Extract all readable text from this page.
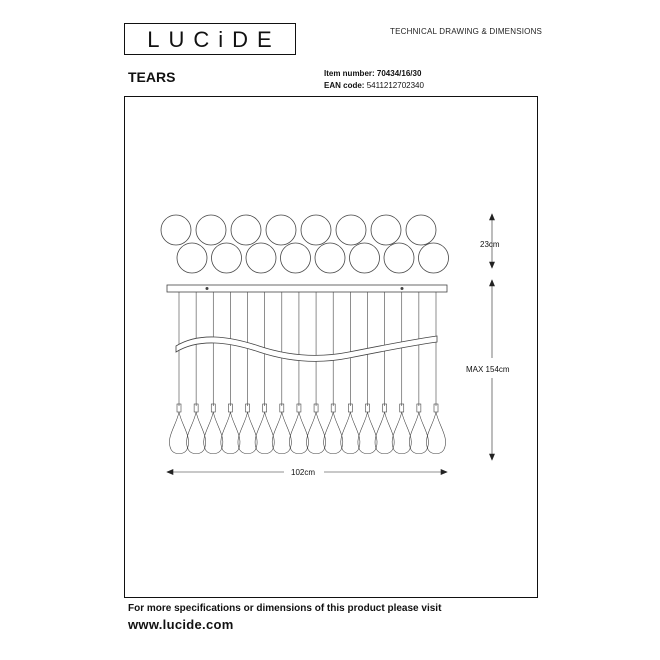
LUCiDE	TECHNICAL DRAWING & DIMENSIONS
TEARS	Item number: 70434/16/30
EAN code: 5411212702340
23cm
MAX 154cm
102cm
For more specifications or dimensions of this product please visit
www.lucide.com
